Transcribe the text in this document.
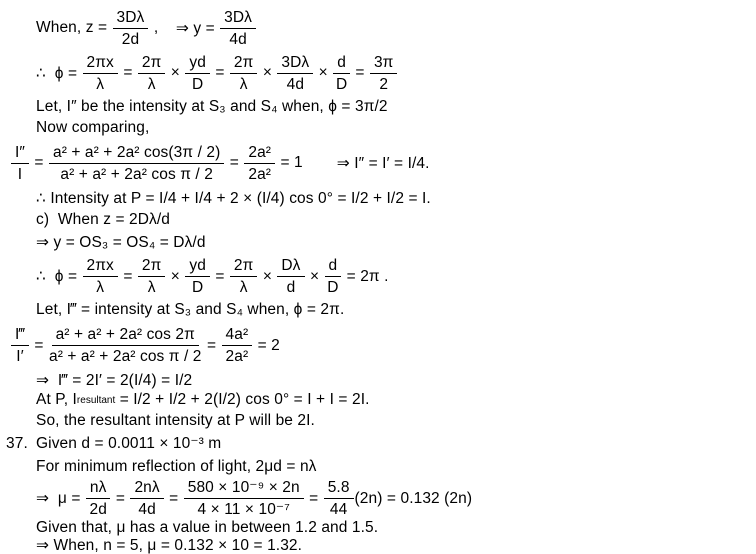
When, $z = \frac{3D\lambda}{2d}$ , ⇒ $y = \frac{3D\lambda}{4d}$
∴  $\phi = \frac{2\pi x}{\lambda} = \frac{2\pi}{\lambda} \times \frac{yd}{D} = \frac{2\pi}{\lambda} \times \frac{3D\lambda}{4d} \times \frac{d}{D} = \frac{3\pi}{2}$
Let, I″ be the intensity at S₃ and S₄ when, ϕ = 3π/2
Now comparing,
$\frac{I''}{I} = \frac{\text{a² + a² + 2a² cos(3π / 2)}}{\text{a² + a² + 2a² cos π / 2}} = \frac{\text{2a²}}{\text{2a²}} = 1$ ⇒ I″ = I′ = I/4.
∴ Intensity at P = I/4 + I/4 + 2 × (I/4) cos 0° = I/2 + I/2 = I.
c)  When z = 2Dλ/d
⇒ y = OS₃ = OS₄ = Dλ/d
∴  $\phi = \frac{2\pi x}{\lambda} = \frac{2\pi}{\lambda} \times \frac{yd}{D} = \frac{2\pi}{\lambda} \times \frac{D\lambda}{d} \times \frac{d}{D} = 2\pi$ .
Let, I‴ = intensity at S₃ and S₄ when, ϕ = 2π.
$\frac{I‴}{I'} = \frac{\text{a² + a² + 2a² cos 2π}}{\text{a² + a² + 2a² cos π / 2}} = \frac{\text{4a²}}{\text{2a²}} = 2$
⇒  I‴ = 2I′ = 2(I/4) = I/2
At P, I resultant = I/2 + I/2 + 2(I/2) cos 0° = I + I = 2I.
So, the resultant intensity at P will be 2I.
37. Given d = 0.0011 × 10⁻³ m
For minimum reflection of light, 2μd = nλ
⇒  $\mu = \frac{n\lambda}{2d} = \frac{2n\lambda}{4d} = \frac{\text{580 × 10⁻⁹ × 2n}}{\text{4 × 11 × 10⁻⁷}} = \frac{5.8}{44} (2n) = 0.132$ (2n)
Given that, μ has a value in between 1.2 and 1.5.
⇒ When, n = 5, μ = 0.132 × 10 = 1.32.
